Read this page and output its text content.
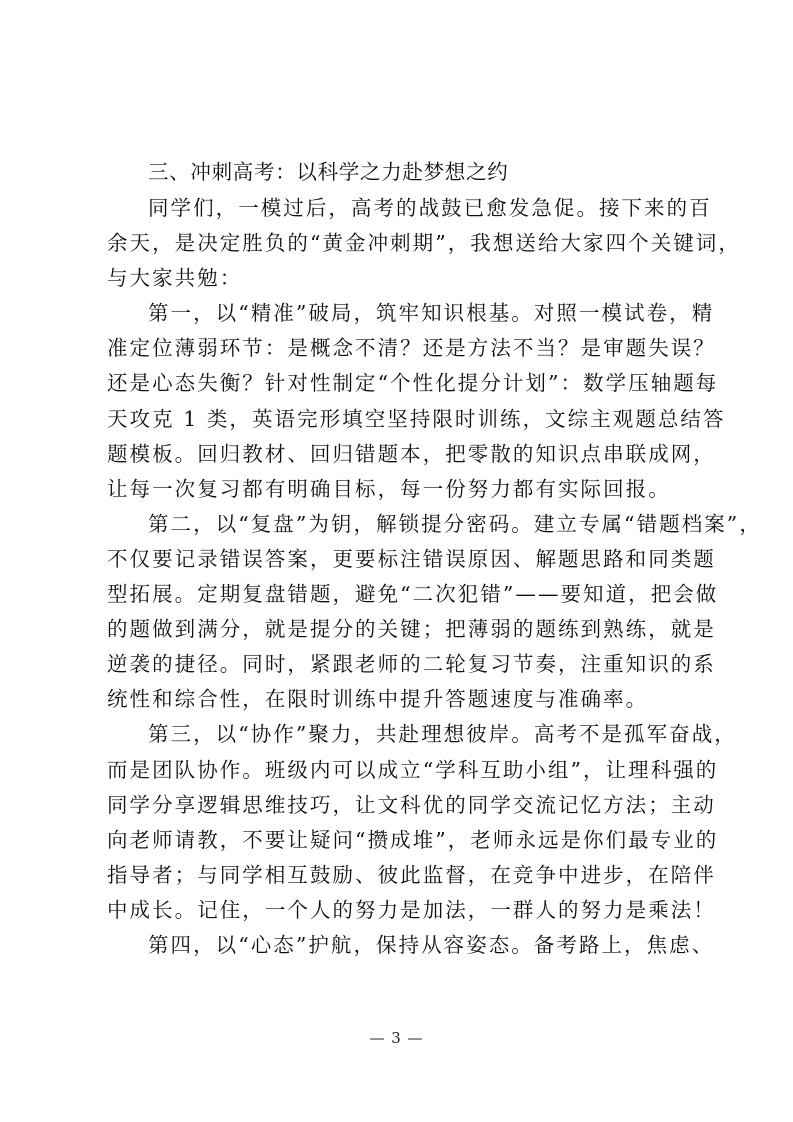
三、冲刺高考：以科学之力赴梦想之约
同学们，一模过后，高考的战鼓已愈发急促。接下来的百
余天，是决定胜负的“黄金冲刺期”，我想送给大家四个关键词，
与大家共勉：
第一，以“精准”破局，筑牢知识根基。对照一模试卷，精
准定位薄弱环节：是概念不清？还是方法不当？是审题失误？
还是心态失衡？针对性制定“个性化提分计划”：数学压轴题每
天攻克 1 类，英语完形填空坚持限时训练，文综主观题总结答
题模板。回归教材、回归错题本，把零散的知识点串联成网，
让每一次复习都有明确目标，每一份努力都有实际回报。
第二，以“复盘”为钥，解锁提分密码。建立专属“错题档案”，
不仅要记录错误答案，更要标注错误原因、解题思路和同类题
型拓展。定期复盘错题，避免“二次犯错”——要知道，把会做
的题做到满分，就是提分的关键；把薄弱的题练到熟练，就是
逆袭的捷径。同时，紧跟老师的二轮复习节奏，注重知识的系
统性和综合性，在限时训练中提升答题速度与准确率。
第三，以“协作”聚力，共赴理想彼岸。高考不是孤军奋战，
而是团队协作。班级内可以成立“学科互助小组”，让理科强的
同学分享逻辑思维技巧，让文科优的同学交流记忆方法；主动
向老师请教，不要让疑问“攒成堆”，老师永远是你们最专业的
指导者；与同学相互鼓励、彼此监督，在竞争中进步，在陪伴
中成长。记住，一个人的努力是加法，一群人的努力是乘法！
第四，以“心态”护航，保持从容姿态。备考路上，焦虑、
— 3 —
